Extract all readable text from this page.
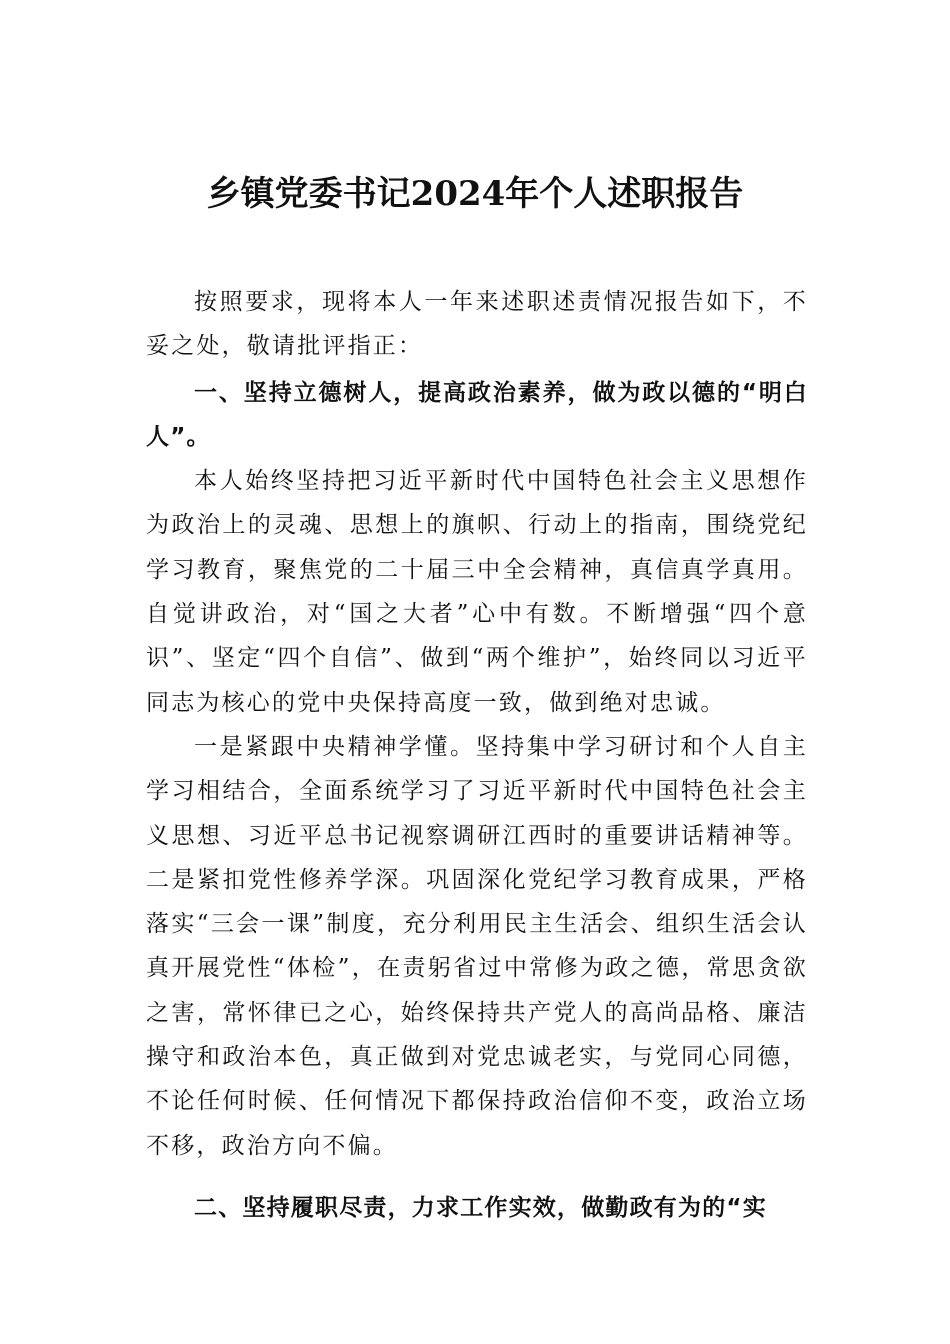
乡镇党委书记2024年个人述职报告

按照要求，现将本人一年来述职述责情况报告如下，不妥之处，敬请批评指正：

一、坚持立德树人，提高政治素养，做为政以德的“明白人”。

本人始终坚持把习近平新时代中国特色社会主义思想作为政治上的灵魂、思想上的旗帜、行动上的指南，围绕党纪学习教育，聚焦党的二十届三中全会精神，真信真学真用。自觉讲政治，对“国之大者”心中有数。不断增强“四个意识”、坚定“四个自信”、做到“两个维护”，始终同以习近平同志为核心的党中央保持高度一致，做到绝对忠诚。

一是紧跟中央精神学懂。坚持集中学习研讨和个人自主学习相结合，全面系统学习了习近平新时代中国特色社会主义思想、习近平总书记视察调研江西时的重要讲话精神等。二是紧扣党性修养学深。巩固深化党纪学习教育成果，严格落实“三会一课”制度，充分利用民主生活会、组织生活会认真开展党性“体检”，在责躬省过中常修为政之德，常思贪欲之害，常怀律已之心，始终保持共产党人的高尚品格、廉洁操守和政治本色，真正做到对党忠诚老实，与党同心同德，不论任何时候、任何情况下都保持政治信仰不变，政治立场不移，政治方向不偏。

二、坚持履职尽责，力求工作实效，做勤政有为的“实
